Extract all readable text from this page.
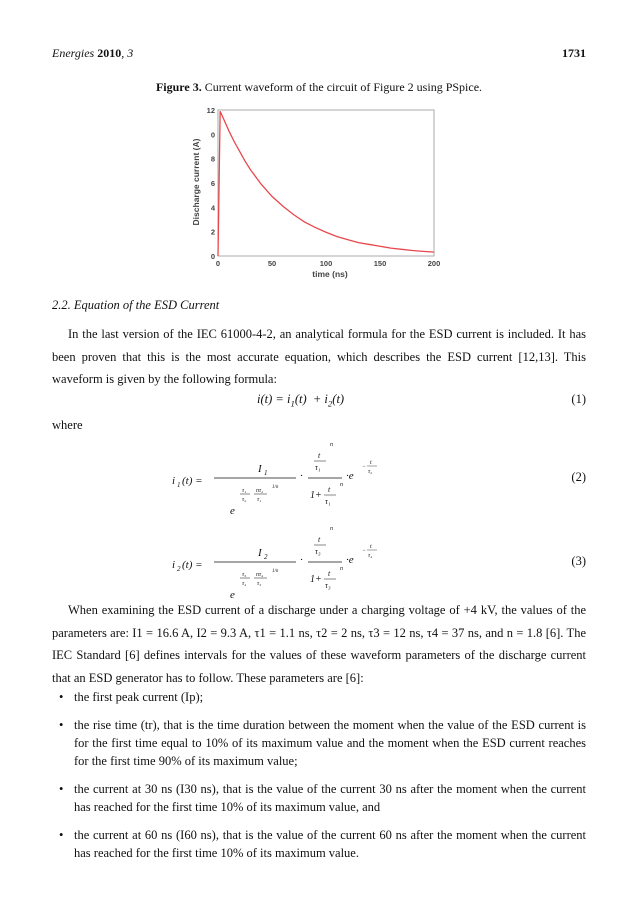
Energies 2010, 3	1731
Figure 3. Current waveform of the circuit of Figure 2 using PSpice.
0	50	100	150	200
0
2
4
6
8
0
12
time (ns)
Discharge current (A)
2.2. Equation of the ESD Current
In the last version of the IEC 61000-4-2, an analytical formula for the ESD current is included. It has been proven that this is the most accurate equation, which describes the ESD current [12,13]. This waveform is given by the following formula:
$i(t) = i_1(t) + i_2(t)$	(1)
where
i 1 (t) =
I 1
e
τ₁
τ₂
nτ₂
τ₁
1/n
·
t
τ₁
n
1+
t
τ₁
n
·e
−
t
τ₂	(2)
i 2 (t) =
I 2
e
τ₃
τ₄
nτ₄
τ₃
1/n
·
t
τ₃
n
1+
t
τ₃
n
·e
−
t
τ₄	(3)
When examining the ESD current of a discharge under a charging voltage of +4 kV, the values of the parameters are: I1 = 16.6 A, I2 = 9.3 A, τ1 = 1.1 ns, τ2 = 2 ns, τ3 = 12 ns, τ4 = 37 ns, and n = 1.8 [6]. The IEC Standard [6] defines intervals for the values of these waveform parameters of the discharge current that an ESD generator has to follow. These parameters are [6]:
• the first peak current (Ip);
• the rise time (tr), that is the time duration between the moment when the value of the ESD current is for the first time equal to 10% of its maximum value and the moment when the ESD current reaches for the first time 90% of its maximum value;
• the current at 30 ns (I30 ns), that is the value of the current 30 ns after the moment when the current has reached for the first time 10% of its maximum value, and
• the current at 60 ns (I60 ns), that is the value of the current 60 ns after the moment when the current has reached for the first time 10% of its maximum value.
